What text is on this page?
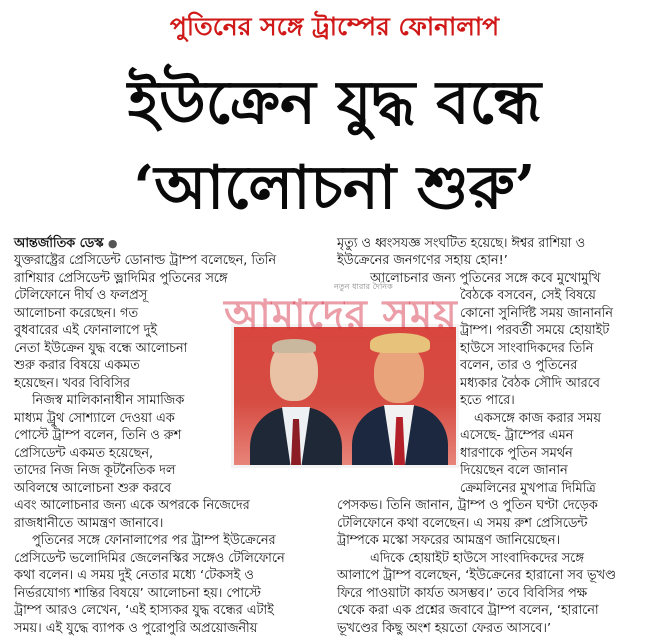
পুতিনের সঙ্গে ট্রাম্পের ফোনালাপ
ইউক্রেন যুদ্ধ বন্ধে
‘আলোচনা শুরু’
আন্তর্জাতিক ডেস্ক ●
যুক্তরাষ্ট্রের প্রেসিডেন্ট ডোনাল্ড ট্রাম্প বলেছেন, তিনি
রাশিয়ার প্রেসিডেন্ট ভ্লাদিমির পুতিনের সঙ্গে
টেলিফোনে দীর্ঘ ও ফলপ্রসূ
আলোচনা করেছেন। গত
বুধবারের এই ফোনালাপে দুই
নেতা ইউক্রেন যুদ্ধ বন্ধে আলোচনা
শুরু করার বিষয়ে একমত
হয়েছেন। খবর বিবিসির
নিজস্ব মালিকানাধীন সামাজিক
মাধ্যম ট্রুথ সোশ্যালে দেওয়া এক
পোস্টে ট্রাম্প বলেন, তিনি ও রুশ
প্রেসিডেন্ট একমত হয়েছেন,
তাদের নিজ নিজ কূটনৈতিক দল
অবিলম্বে আলোচনা শুরু করবে
এবং আলোচনার জন্য একে অপরকে নিজেদের
রাজধানীতে আমন্ত্রণ জানাবে।
পুতিনের সঙ্গে ফোনালাপের পর ট্রাম্প ইউক্রেনের
প্রেসিডেন্ট ভলোদিমির জেলেনস্কির সঙ্গেও টেলিফোনে
কথা বলেন। এ সময় দুই নেতার মধ্যে ‘টেকসই ও
নির্ভরযোগ্য শান্তির বিষয়ে’ আলোচনা হয়। পোস্টে
ট্রাম্প আরও লেখেন, ‘এই হাস্যকর যুদ্ধ বন্ধের এটাই
সময়। এই যুদ্ধে ব্যাপক ও পুরোপুরি অপ্রয়োজনীয়
মৃত্যু ও ধ্বংসযজ্ঞ সংঘটিত হয়েছে। ঈশ্বর রাশিয়া ও
ইউক্রেনের জনগণের সহায় হোন!’
আলোচনার জন্য পুতিনের সঙ্গে কবে মুখোমুখি
বৈঠকে বসবেন, সেই বিষয়ে
কোনো সুনির্দিষ্ট সময় জানাননি
ট্রাম্প। পরবর্তী সময়ে হোয়াইট
হাউসে সাংবাদিকদের তিনি
বলেন, তার ও পুতিনের
মধ্যকার বৈঠক সৌদি আরবে
হতে পারে।
একসঙ্গে কাজ করার সময়
এসেছে- ট্রাম্পের এমন
ধারণাকে পুতিন সমর্থন
দিয়েছেন বলে জানান
ক্রেমলিনের মুখপাত্র দিমিত্রি
পেসকভ। তিনি জানান, ট্রাম্প ও পুতিন ঘণ্টা দেড়েক
টেলিফোনে কথা বলেছেন। এ সময় রুশ প্রেসিডেন্ট
ট্রাম্পকে মস্কো সফরের আমন্ত্রণ জানিয়েছেন।
এদিকে হোয়াইট হাউসে সাংবাদিকদের সঙ্গে
আলাপে ট্রাম্প বলেছেন, ‘ইউক্রেনের হারানো সব ভূখণ্ড
ফিরে পাওয়াটা কার্যত অসম্ভব।’ তবে বিবিসির পক্ষ
থেকে করা এক প্রশ্নের জবাবে ট্রাম্প বলেন, ‘হারানো
ভূখণ্ডের কিছু অংশ হয়তো ফেরত আসবে।’
নতুন ধারার দৈনিক
আমাদের সময়
